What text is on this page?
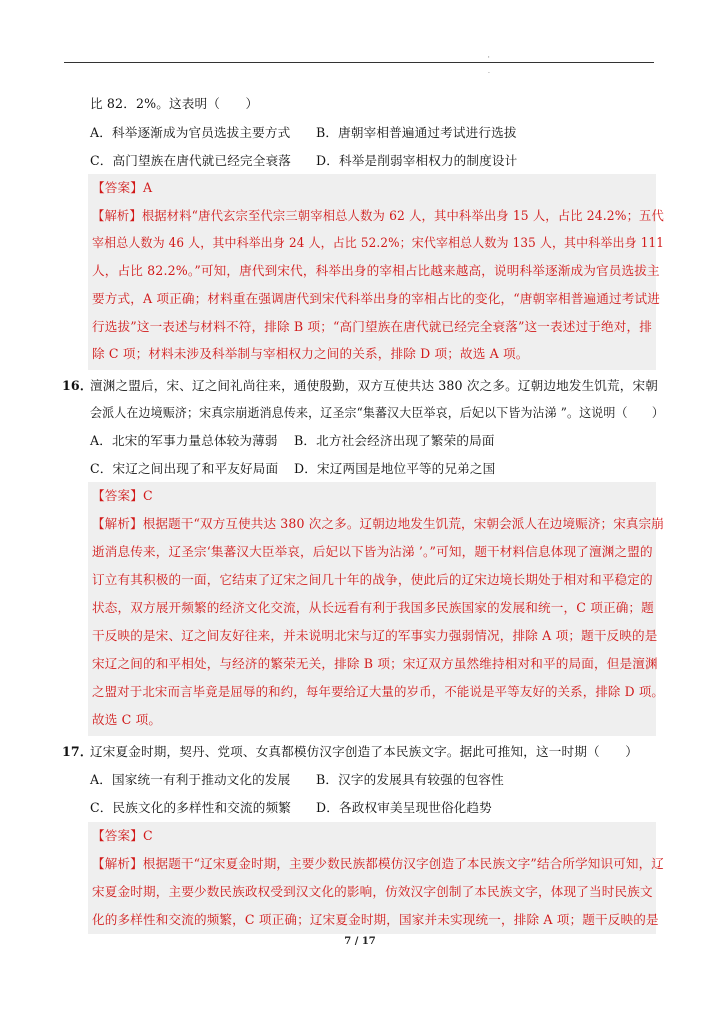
'
.
比 82．2%。这表明（　　）
A．科举逐渐成为官员选拔主要方式 B．唐朝宰相普遍通过考试进行选拔
C．高门望族在唐代就已经完全衰落 D．科举是削弱宰相权力的制度设计
【答案】A
【解析】根据材料“唐代玄宗至代宗三朝宰相总人数为 62 人，其中科举出身 15 人，占比 24.2%；五代
宰相总人数为 46 人，其中科举出身 24 人，占比 52.2%；宋代宰相总人数为 135 人，其中科举出身 111
人，占比 82.2%。”可知，唐代到宋代，科举出身的宰相占比越来越高，说明科举逐渐成为官员选拔主
要方式，A 项正确；材料重在强调唐代到宋代科举出身的宰相占比的变化，“唐朝宰相普遍通过考试进
行选拔”这一表述与材料不符，排除 B 项；“高门望族在唐代就已经完全衰落”这一表述过于绝对，排
除 C 项；材料未涉及科举制与宰相权力之间的关系，排除 D 项；故选 A 项。
16．
澶渊之盟后，宋、辽之间礼尚往来，通使殷勤，双方互使共达 380 次之多。辽朝边地发生饥荒，宋朝
会派人在边境赈济；宋真宗崩逝消息传来，辽圣宗“集蕃汉大臣举哀，后妃以下皆为沾涕 ”。这说明（　　）
A．北宋的军事力量总体较为薄弱 B．北方社会经济出现了繁荣的局面
C．宋辽之间出现了和平友好局面 D．宋辽两国是地位平等的兄弟之国
【答案】C
【解析】根据题干“双方互使共达 380 次之多。辽朝边地发生饥荒，宋朝会派人在边境赈济；宋真宗崩
逝消息传来，辽圣宗‘集蕃汉大臣举哀，后妃以下皆为沾涕 ’。”可知，题干材料信息体现了澶渊之盟的
订立有其积极的一面，它结束了辽宋之间几十年的战争，使此后的辽宋边境长期处于相对和平稳定的
状态，双方展开频繁的经济文化交流，从长远看有利于我国多民族国家的发展和统一，C 项正确；题
干反映的是宋、辽之间友好往来，并未说明北宋与辽的军事实力强弱情况，排除 A 项；题干反映的是
宋辽之间的和平相处，与经济的繁荣无关，排除 B 项；宋辽双方虽然维持相对和平的局面，但是澶渊
之盟对于北宋而言毕竟是屈辱的和约，每年要给辽大量的岁币，不能说是平等友好的关系，排除 D 项。
故选 C 项。
17．
辽宋夏金时期，契丹、党项、女真都模仿汉字创造了本民族文字。据此可推知，这一时期（　　）
A．国家统一有利于推动文化的发展 B．汉字的发展具有较强的包容性
C．民族文化的多样性和交流的频繁 D．各政权审美呈现世俗化趋势
【答案】C
【解析】根据题干“辽宋夏金时期，主要少数民族都模仿汉字创造了本民族文字”结合所学知识可知，辽
宋夏金时期，主要少数民族政权受到汉文化的影响，仿效汉字创制了本民族文字，体现了当时民族文
化的多样性和交流的频繁，C 项正确；辽宋夏金时期，国家并未实现统一，排除 A 项；题干反映的是
7 / 17
